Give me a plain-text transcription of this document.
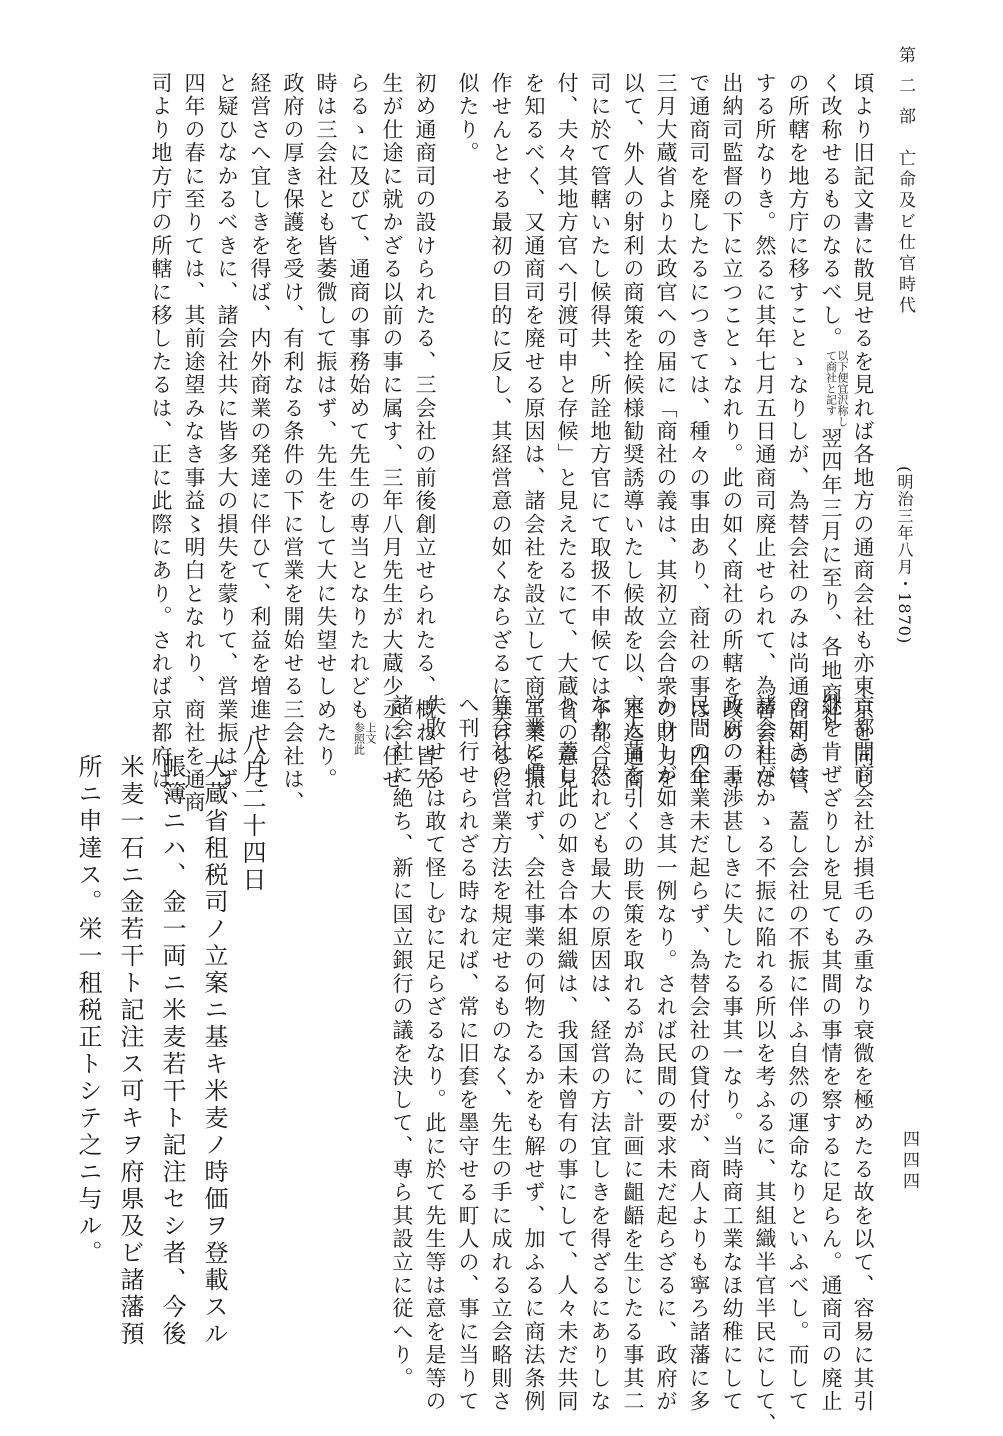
第 二 部　亡命及ビ仕官時代
(明治三年八月・1870)
四四四
頃より旧記文書に散見せるを見れば各地方の通商会社も亦東京と同じ
く改称せるものなるべし。以下便宜沢称し
て商社と記す翌四年三月に至り、各地商社
の所轄を地方庁に移すことゝなりしが、為替会社のみは尚通商司の管
する所なりき。然るに其年七月五日通商司廃止せられて、為替会社は
出納司監督の下に立つことゝなれり。此の如く商社の所轄を改め、尋
で通商司を廃したるにつきては、種々の事由あり、商社の事は、四年
三月大蔵省より太政官への届に「商社の義は、其初立会合衆の財力を
以て、外人の射利の商策を拴候様勧奨誘導いたし候故を以、是迄通商
司に於て管轄いたし候得共、所詮地方官にて取扱不申候ては不都合に
付、夫々其地方官へ引渡可申と存候」と見えたるにて、大蔵省の意見
を知るべく、又通商司を廃せる原因は、諸会社を設立して商工業を振
作せんとせる最初の目的に反し、其経営意の如くならざるに基けるに
似たり。
初め通商司の設けられたる、三会社の前後創立せられたる、概ね皆先
生が仕途に就かざる以前の事に属す、三年八月先生が大蔵少丞に任ぜ
らるゝに及びて、通商の事務始めて先生の専当となりたれども上文
参照此
時は三会社とも皆萎微して振はず、先生をして大に失望せしめたり。
政府の厚き保護を受け、有利なる条件の下に営業を開始せる三会社は、
経営さへ宜しきを得ば、内外商業の発達に伴ひて、利益を増進せんこ
と疑ひなかるべきに、諸会社共に皆多大の損失を蒙りて、営業振はず、
四年の春に至りては、其前途望みなき事益〻明白となれり、商社を通商
司より地方庁の所轄に移したるは、正に此際にあり。されば京都府は、
京都開商会社が損毛のみ重なり衰微を極めたる故を以て、容易に其引
継を肯ぜざりしを見ても其間の事情を察するに足らん。通商司の廃止
の如きは、蓋し会社の不振に伴ふ自然の運命なりといふべし。而して
諸会社がかゝる不振に陥れる所以を考ふるに、其組織半官半民にして、
政府の干渉甚しきに失したる事其一なり。当時商工業なほ幼稚にして
民間の企業未だ起らず、為替会社の貸付が、商人よりも寧ろ諸藩に多
かりしが如き其一例なり。されば民間の要求未だ起らざるに、政府が
宋人苗を引くの助長策を取れるが為に、計画に齟齬を生じたる事其二
なり。然れども最大の原因は、経営の方法宜しきを得ざるにありしな
り、蓋し此の如き合本組織は、我国未曾有の事にして、人々未だ共同
営業に慣れず、会社事業の何物たるかをも解せず、加ふるに商法条例
等会社の営業方法を規定せるものなく、先生の手に成れる立会略則さ
へ刊行せられざる時なれば、常に旧套を墨守せる町人の、事に当りて
失敗せるは敢て怪しむに足らざるなり。此に於て先生等は意を是等の
諸会社に絶ち、新に国立銀行の議を決して、専ら其設立に従へり。
八月二十四日
大蔵省租税司ノ立案ニ基キ米麦ノ時価ヲ登載スル
帳簿ニハ、金一両ニ米麦若干ト記注セシ者、今後
米麦一石ニ金若干ト記注ス可キヲ府県及ビ諸藩預
所ニ申達ス。栄一租税正トシテ之ニ与ル。
